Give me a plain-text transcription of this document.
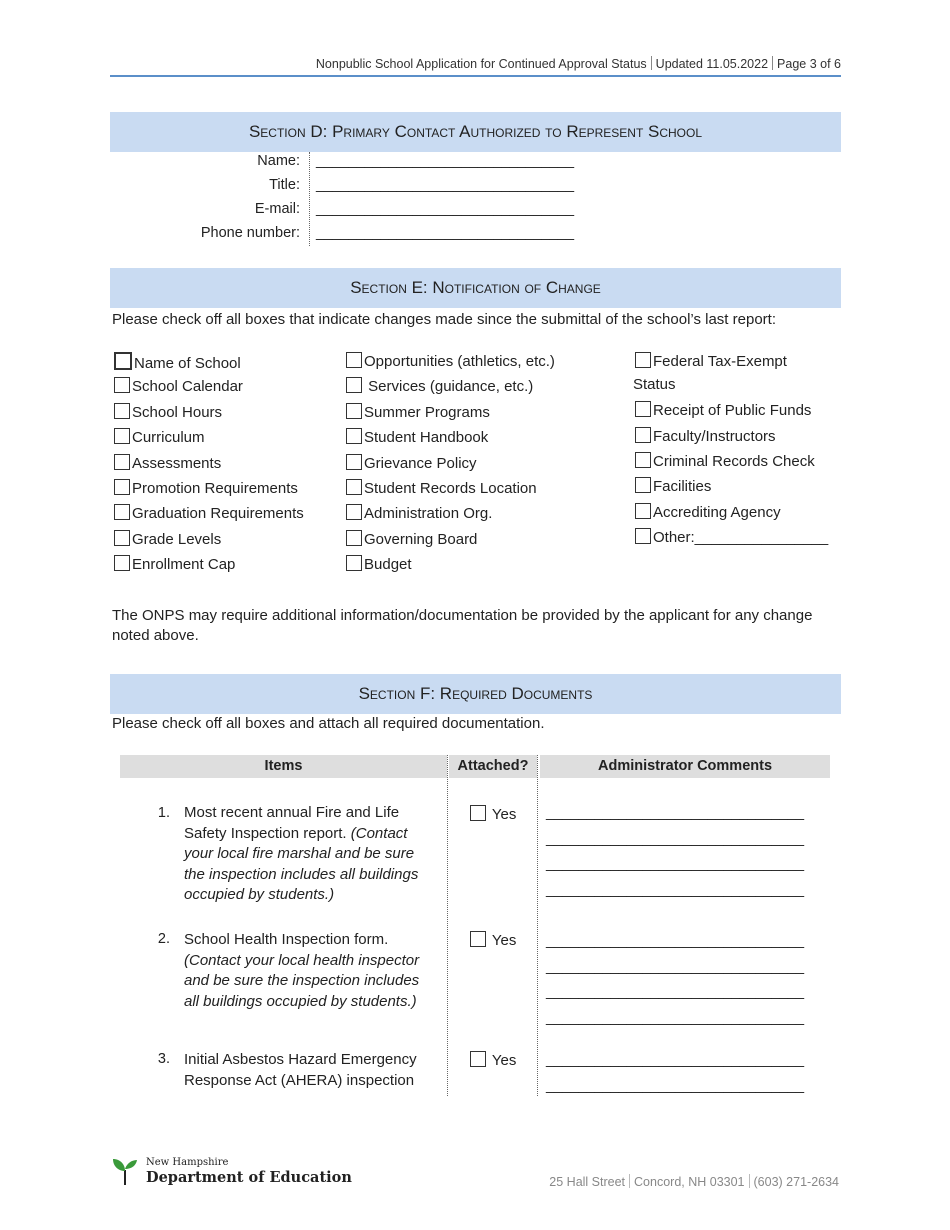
Nonpublic School Application for Continued Approval Status Updated 11.05.2022 Page 3 of 6
Section D: Primary Contact Authorized to Represent School
Name: ________________________________
Title: ________________________________
E-mail: ________________________________
Phone number: ________________________________
Section E: Notification of Change
Please check off all boxes that indicate changes made since the submittal of the school’s last report:
Name of School
School Calendar
School Hours
Curriculum
Assessments
Promotion Requirements
Graduation Requirements
Grade Levels
Enrollment Cap
Opportunities (athletics, etc.)
Services (guidance, etc.)
Summer Programs
Student Handbook
Grievance Policy
Student Records Location
Administration Org.
Governing Board
Budget
Federal Tax-Exempt
Status
Receipt of Public Funds
Faculty/Instructors
Criminal Records Check
Facilities
Accrediting Agency
Other:________________
The ONPS may require additional information/documentation be provided by the applicant for any change noted above.
Section F: Required Documents
Please check off all boxes and attach all required documentation.
Items	Attached?	Administrator Comments
1. Most recent annual Fire and Life Safety Inspection report. (Contact your local fire marshal and be sure the inspection includes all buildings occupied by students.)
Yes ________________________________
________________________________
________________________________
________________________________
2. School Health Inspection form.
(Contact your local health inspector and be sure the inspection includes all buildings occupied by students.)
Yes ________________________________
________________________________
________________________________
________________________________
3. Initial Asbestos Hazard Emergency Response Act (AHERA) inspection
Yes ________________________________
________________________________
New Hampshire
Department of Education	25 Hall Street Concord, NH 03301 (603) 271-2634
